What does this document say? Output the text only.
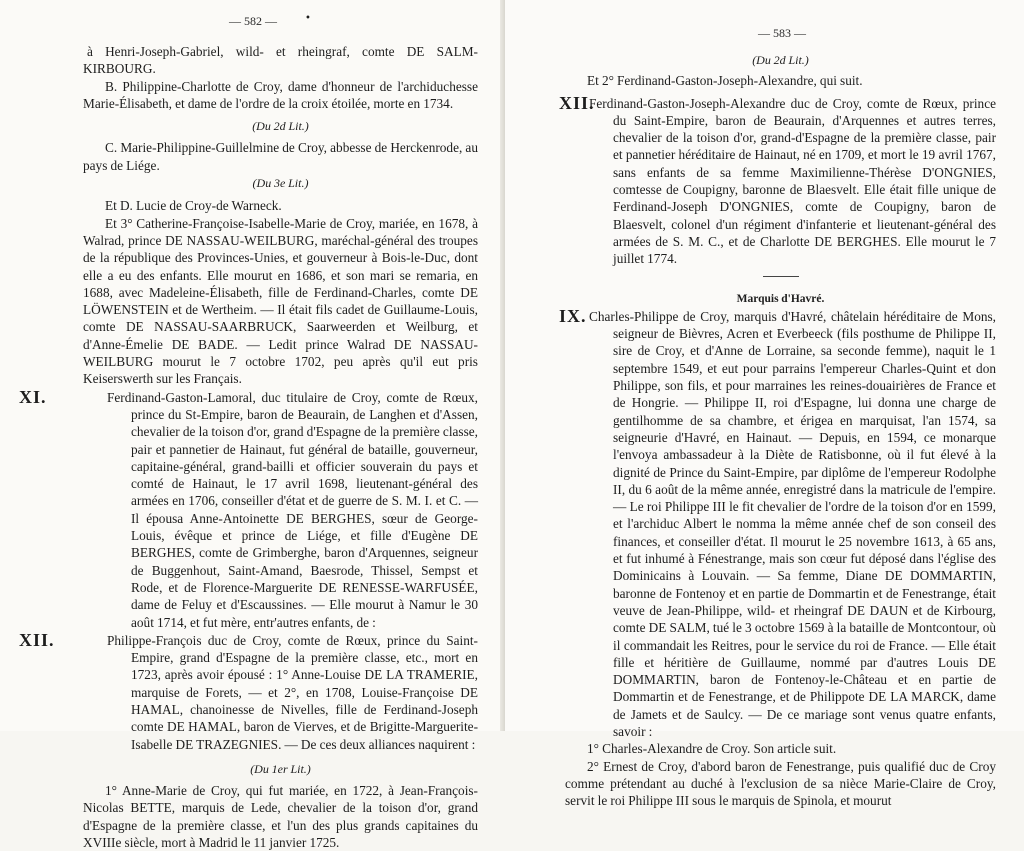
— 582 —	•

à Henri-Joseph-Gabriel, wild- et rheingraf, comte DE SALM-KIRBOURG.

B. Philippine-Charlotte de Croy, dame d'honneur de l'archiduchesse Marie-Élisabeth, et dame de l'ordre de la croix étoilée, morte en 1734.

(Du 2d Lit.)

C. Marie-Philippine-Guillelmine de Croy, abbesse de Herckenrode, au pays de Liége.

(Du 3e Lit.)

Et D. Lucie de Croy-de Warneck.

Et 3° Catherine-Françoise-Isabelle-Marie de Croy, mariée, en 1678, à Walrad, prince DE NASSAU-WEILBURG, maréchal-général des troupes de la république des Provinces-Unies, et gouverneur à Bois-le-Duc, dont elle a eu des enfants. Elle mourut en 1686, et son mari se remaria, en 1688, avec Madeleine-Élisabeth, fille de Ferdinand-Charles, comte DE LÖWENSTEIN et de Wertheim. — Il était fils cadet de Guillaume-Louis, comte DE NASSAU-SAARBRUCK, Saarweerden et Weilburg, et d'Anne-Émelie DE BADE. — Ledit prince Walrad DE NASSAU-WEILBURG mourut le 7 octobre 1702, peu après qu'il eut pris Keiserswerth sur les Français.

XI.	Ferdinand-Gaston-Lamoral, duc titulaire de Croy, comte de Rœux, prince du St-Empire, baron de Beaurain, de Langhen et d'Assen, chevalier de la toison d'or, grand d'Espagne de la première classe, pair et pannetier de Hainaut, fut général de bataille, gouverneur, capitaine-général, grand-bailli et officier souverain du pays et comté de Hainaut, le 17 avril 1698, lieutenant-général des armées en 1706, conseiller d'état et de guerre de S. M. I. et C. — Il épousa Anne-Antoinette DE BERGHES, sœur de George-Louis, évêque et prince de Liége, et fille d'Eugène DE BERGHES, comte de Grimberghe, baron d'Arquennes, seigneur de Buggenhout, Saint-Amand, Baesrode, Thissel, Sempst et Rode, et de Florence-Marguerite DE RENESSE-WARFUSÉE, dame de Feluy et d'Escaussines. — Elle mourut à Namur le 30 août 1714, et fut mère, entr'autres enfants, de :

XII.	Philippe-François duc de Croy, comte de Rœux, prince du Saint-Empire, grand d'Espagne de la première classe, etc., mort en 1723, après avoir épousé : 1° Anne-Louise DE LA TRAMERIE, marquise de Forets, — et 2°, en 1708, Louise-Françoise DE HAMAL, chanoinesse de Nivelles, fille de Ferdinand-Joseph comte DE HAMAL, baron de Vierves, et de Brigitte-Marguerite-Isabelle DE TRAZEGNIES. — De ces deux alliances naquirent :

(Du 1er Lit.)

1° Anne-Marie de Croy, qui fut mariée, en 1722, à Jean-François-Nicolas BETTE, marquis de Lede, chevalier de la toison d'or, grand d'Espagne de la première classe, et l'un des plus grands capitaines du XVIIIe siècle, mort à Madrid le 11 janvier 1725.

— 583 —

(Du 2d Lit.)

Et 2° Ferdinand-Gaston-Joseph-Alexandre, qui suit.

XII.

Ferdinand-Gaston-Joseph-Alexandre duc de Croy, comte de Rœux, prince du Saint-Empire, baron de Beaurain, d'Arquennes et autres terres, chevalier de la toison d'or, grand-d'Espagne de la première classe, pair et pannetier héréditaire de Hainaut, né en 1709, et mort le 19 avril 1767, sans enfants de sa femme Maximilienne-Thérèse D'ONGNIES, comtesse de Coupigny, baronne de Blaesvelt. Elle était fille unique de Ferdinand-Joseph D'ONGNIES, comte de Coupigny, baron de Blaesvelt, colonel d'un régiment d'infanterie et lieutenant-général des armées de S. M. C., et de Charlotte DE BERGHES. Elle mourut le 7 juillet 1774.

Marquis d'Havré.

IX. Charles-Philippe de Croy, marquis d'Havré, châtelain héréditaire de Mons, seigneur de Bièvres, Acren et Everbeeck (fils posthume de Philippe II, sire de Croy, et d'Anne de Lorraine, sa seconde femme), naquit le 1 septembre 1549, et eut pour parrains l'empereur Charles-Quint et don Philippe, son fils, et pour marraines les reines-douairières de France et de Hongrie. — Philippe II, roi d'Espagne, lui donna une charge de gentilhomme de sa chambre, et érigea en marquisat, l'an 1574, sa seigneurie d'Havré, en Hainaut. — Depuis, en 1594, ce monarque l'envoya ambassadeur à la Diète de Ratisbonne, où il fut élevé à la dignité de Prince du Saint-Empire, par diplôme de l'empereur Rodolphe II, du 6 août de la même année, enregistré dans la matricule de l'empire. — Le roi Philippe III le fit chevalier de l'ordre de la toison d'or en 1599, et l'archiduc Albert le nomma la même année chef de son conseil des finances, et conseiller d'état. Il mourut le 25 novembre 1613, à 65 ans, et fut inhumé à Fénestrange, mais son cœur fut déposé dans l'église des Dominicains à Louvain. — Sa femme, Diane DE DOMMARTIN, baronne de Fontenoy et en partie de Dommartin et de Fenestrange, était veuve de Jean-Philippe, wild- et rheingraf DE DAUN et de Kirbourg, comte DE SALM, tué le 3 octobre 1569 à la bataille de Montcontour, où il commandait les Reitres, pour le service du roi de France. — Elle était fille et héritière de Guillaume, nommé par d'autres Louis DE DOMMARTIN, baron de Fontenoy-le-Château et en partie de Dommartin et de Fenestrange, et de Philippote DE LA MARCK, dame de Jamets et de Saulcy. — De ce mariage sont venus quatre enfants, savoir :

1° Charles-Alexandre de Croy. Son article suit.

2° Ernest de Croy, d'abord baron de Fenestrange, puis qualifié duc de Croy comme prétendant au duché à l'exclusion de sa nièce Marie-Claire de Croy, servit le roi Philippe III sous le marquis de Spinola, et mourut
